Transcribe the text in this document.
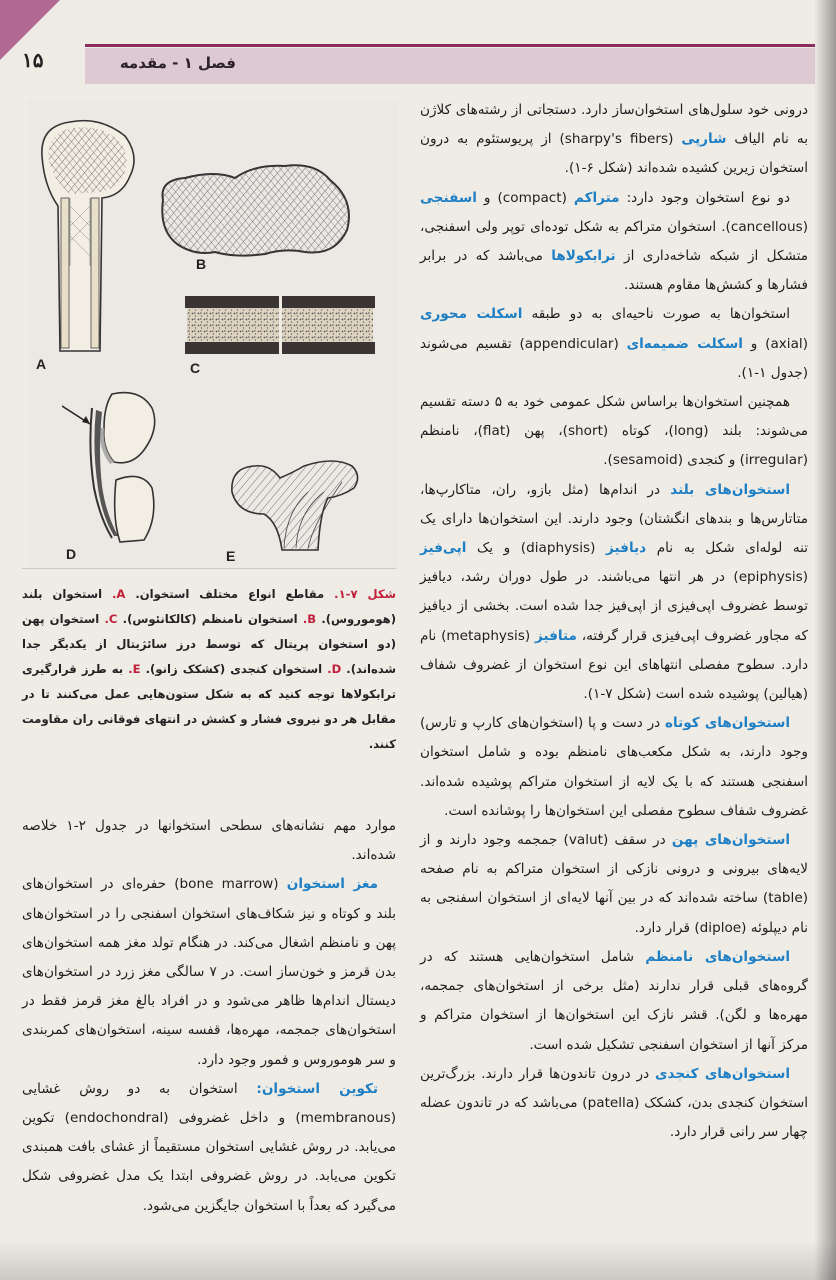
۱۵	فصل ۱ - مقدمه
A
B
C
D	E
شکل ۷-۱. مقاطع انواع مختلف استخوان. A. استخوان بلند (هوموروس). B. استخوان نامنظم (کالکانئوس). C. استخوان پهن (دو استخوان پریتال که توسط درز سائژیتال از یکدیگر جدا شده‌اند). D. استخوان کنجدی (کشکک زانو). E. به طرز قرارگیری ترابکولاها توجه کنید که به شکل ستون‌هایی عمل می‌کنند تا در مقابل هر دو نیروی فشار و کشش در انتهای فوقانی ران مقاومت کنند.

درونی خود سلول‌های استخوان‌ساز دارد. دستجاتی از رشته‌های کلاژن به نام الیاف شارپی (sharpy's fibers) از پریوستئوم به درون استخوان زیرین کشیده شده‌اند (شکل ۶-۱).

دو نوع استخوان وجود دارد: متراکم (compact) و اسفنجی (cancellous). استخوان متراکم به شکل توده‌ای توپر ولی اسفنجی، متشکل از شبکه شاخه‌داری از ترابکولاها می‌باشد که در برابر فشارها و کشش‌ها مقاوم هستند.

استخوان‌ها به صورت ناحیه‌ای به دو طبقه اسکلت محوری (axial) و اسکلت ضمیمه‌ای (appendicular) تقسیم می‌شوند (جدول ۱-۱).

همچنین استخوان‌ها براساس شکل عمومی خود به ۵ دسته تقسیم می‌شوند: بلند (long)، کوتاه (short)، پهن (flat)، نامنظم (irregular) و کنجدی (sesamoid).

استخوان‌های بلند در اندام‌ها (مثل بازو، ران، متاکارپ‌ها، متاتارس‌ها و بندهای انگشتان) وجود دارند. این استخوان‌ها دارای یک تنه لوله‌ای شکل به نام دیافیز (diaphysis) و یک اپی‌فیز (epiphysis) در هر انتها می‌باشند. در طول دوران رشد، دیافیز توسط غضروف اپی‌فیزی از اپی‌فیز جدا شده است. بخشی از دیافیز که مجاور غضروف اپی‌فیزی قرار گرفته، متافیز (metaphysis) نام دارد. سطوح مفصلی انتهاهای این نوع استخوان از غضروف شفاف (هیالین) پوشیده شده است (شکل ۷-۱).

استخوان‌های کوتاه در دست و پا (استخوان‌های کارپ و تارس) وجود دارند، به شکل مکعب‌های نامنظم بوده و شامل استخوان اسفنجی هستند که با یک لایه از استخوان متراکم پوشیده شده‌اند. غضروف شفاف سطوح مفصلی این استخوان‌ها را پوشانده است.

استخوان‌های پهن در سقف (valut) جمجمه وجود دارند و از لایه‌های بیرونی و درونی نازکی از استخوان متراکم به نام صفحه (table) ساخته شده‌اند که در بین آنها لایه‌ای از استخوان اسفنجی به نام دیپلوئه (diploe) قرار دارد.

استخوان‌های نامنظم شامل استخوان‌هایی هستند که در گروه‌های قبلی قرار ندارند (مثل برخی از استخوان‌های جمجمه، مهره‌ها و لگن). قشر نازک این استخوان‌ها از استخوان متراکم و مرکز آنها از استخوان اسفنجی تشکیل شده است.

استخوان‌های کنجدی در درون تاندون‌ها قرار دارند. بزرگ‌ترین استخوان کنجدی بدن، کشکک (patella) می‌باشد که در تاندون عضله چهار سر رانی قرار دارد.

موارد مهم نشانه‌های سطحی استخوانها در جدول ۲-۱ خلاصه شده‌اند.

مغز استخوان (bone marrow) حفره‌ای در استخوان‌های بلند و کوتاه و نیز شکاف‌های استخوان اسفنجی را در استخوان‌های پهن و نامنظم اشغال می‌کند. در هنگام تولد مغز همه استخوان‌های بدن قرمز و خون‌ساز است. در ۷ سالگی مغز زرد در استخوان‌های دیستال اندام‌ها ظاهر می‌شود و در افراد بالغ مغز قرمز فقط در استخوان‌های جمجمه، مهره‌ها، قفسه سینه، استخوان‌های کمربندی و سر هوموروس و فمور وجود دارد.

تکوین استخوان: استخوان به دو روش غشایی (membranous) و داخل غضروفی (endochondral) تکوین می‌یابد. در روش غشایی استخوان مستقیماً از غشای بافت همبندی تکوین می‌یابد. در روش غضروفی ابتدا یک مدل غضروفی شکل می‌گیرد که بعداً با استخوان جایگزین می‌شود.
